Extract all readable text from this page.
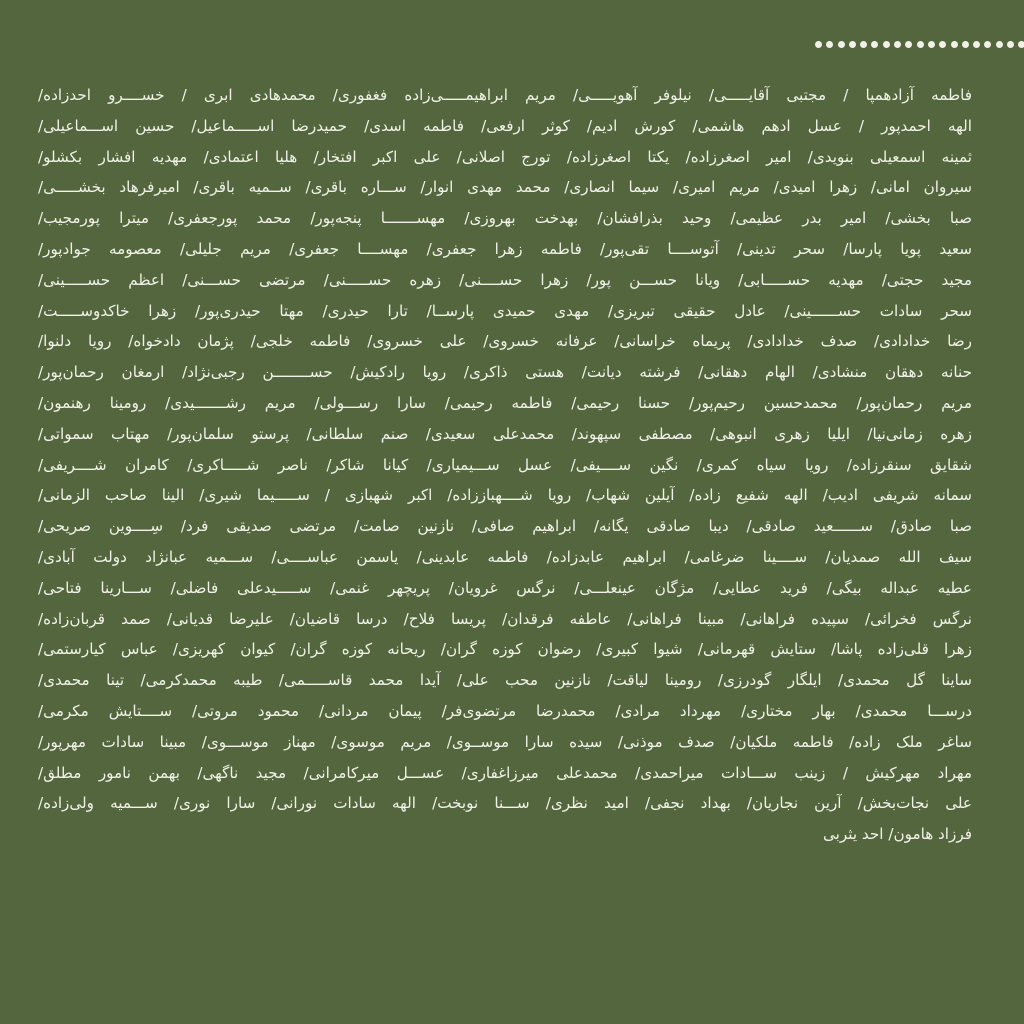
فاطمه آزادهمپا / مجتبی آقایـــــی/ نیلوفر آهویـــــی/ مریم ابراهیمـــــی‌زاده فغفوری/ محمدهادی ابری / خســــرو احدزاده/
الهه احمدپور / عسل ادهم هاشمی/ کورش ادیم/ کوثر ارفعی/ فاطمه اسدی/ حمیدرضا اســـــماعیل/ حسین اســـماعیلی/
ثمینه اسمعیلی بنویدی/ امیر اصغرزاده/ یکتا اصغرزاده/ تورج اصلانی/ علی اکبر افتخار/ هلیا اعتمادی/ مهدیه افشار بکشلو/
سیروان امانی/ زهرا امیدی/ مریم امیری/ سیما انصاری/ محمد مهدی انوار/ ســـاره باقری/ ســمیه باقری/ امیرفرهاد بخشـــــی/
صبا بخشی/ امیر بدر عظیمی/ وحید بذرافشان/ بهدخت بهروزی/ مهســـــــا پنجه‌پور/ محمد پورجعفری/ میترا پورمجیب/
سعید پویا پارسا/ سحر تدینی/ آتوســــا تقی‌پور/ فاطمه زهرا جعفری/ مهســــا جعفری/ مریم جلیلی/ معصومه جوادپور/
مجید حجتی/ مهدیه حســـــابی/ ویانا حســـن پور/ زهرا حســــنی/ زهره حســـــنی/ مرتضی حســـنی/ اعظم حســـــینی/
سحر سادات حســــــینی/ عادل حقیقی تبریزی/ مهدی حمیدی پارســا/ تارا حیدری/ مهتا حیدری‌پور/ زهرا خاکدوســـــت/
رضا خدادادی/ صدف خدادادی/ پریماه خراسانی/ عرفانه خسروی/ علی خسروی/ فاطمه خلجی/ پژمان دادخواه/ رویا دلنوا/
حنانه دهقان منشادی/ الهام دهقانی/ فرشته دیانت/ هستی ذاکری/ رویا رادکیش/ حســــــــن رجبی‌نژاد/ ارمغان رحمان‌پور/
مریم رحمان‌پور/ محمدحسین رحیم‌پور/ حسنا رحیمی/ فاطمه رحیمی/ سارا رســـولی/ مریم رشـــــــیدی/ رومینا رهنمون/
زهره زمانی‌نیا/ ایلیا زهری انبوهی/ مصطفی سپهوند/ محمدعلی سعیدی/ صنم سلطانی/ پرستو سلمان‌پور/ مهتاب سمواتی/
شقایق سنقرزاده/ رویا سیاه کمری/ نگین ســــیفی/ عسل ســـیمیاری/ کیانا شاکر/ ناصر شـــــاکری/ کامران شــــریفی/
سمانه شریفی ادیب/ الهه شفیع زاده/ آیلین شهاب/ رویا شــــهباززاده/ اکبر شهبازی / ســـــیما شیری/ الینا صاحب الزمانی/
صبا صادق/ ســــــعید صادقی/ دیبا صادقی یگانه/ ابراهیم صافی/ نازنین صامت/ مرتضی صدیقی فرد/ سِــــوین صریحی/
سیف الله صمدیان/ ســــینا ضرغامی/ ابراهیم عابدزاده/ فاطمه عابدینی/ یاسمن عباســــی/ ســـمیه عبانژاد دولت آبادی/
عطیه عبداله بیگی/ فرید عطایی/ مژگان عینعلـــی/ نرگس غرویان/ پریچهر غنمی/ ســـــیدعلی فاضلی/ ســـارینا فتاحی/
نرگس فخرائی/ سپیده فراهانی/ مبینا فراهانی/ عاطفه فرقدان/ پریسا فلاح/ درسا قاضیان/ علیرضا قدیانی/ صمد قربان‌زاده/
زهرا قلی‌زاده پاشا/ ستایش قهرمانی/ شیوا کبیری/ رضوان کوزه گران/ ریحانه کوزه گران/ کیوان کهریزی/ عباس کیارستمی/
ساینا گل محمدی/ ایلگار گودرزی/ رومینا لیاقت/ نازنین محب علی/ آیدا محمد قاســـــمی/ طیبه محمدکرمی/ تینا محمدی/
درســـا محمدی/ بهار مختاری/ مهرداد مرادی/ محمدرضا مرتضوی‌فر/ پیمان مردانی/ محمود مروتی/ ســــتایش مکرمی/
ساغر ملک زاده/ فاطمه ملکیان/ صدف موذنی/ سیده سارا موســوی/ مریم موسوی/ مهناز موســـوی/ مبینا سادات مهرپور/
مهراد مهرکیش / زینب ســـادات میراحمدی/ محمدعلی میرزاغفاری/ عســـل میرکامرانی/ مجید ناگهی/ بهمن نامور مطلق/
علی نجات‌بخش/ آرین نجاریان/ بهداد نجفی/ امید نظری/ ســـنا نوبخت/ الهه سادات نورانی/ سارا نوری/ ســـمیه ولی‌زاده/
فرزاد هامون/ احد یثربی
